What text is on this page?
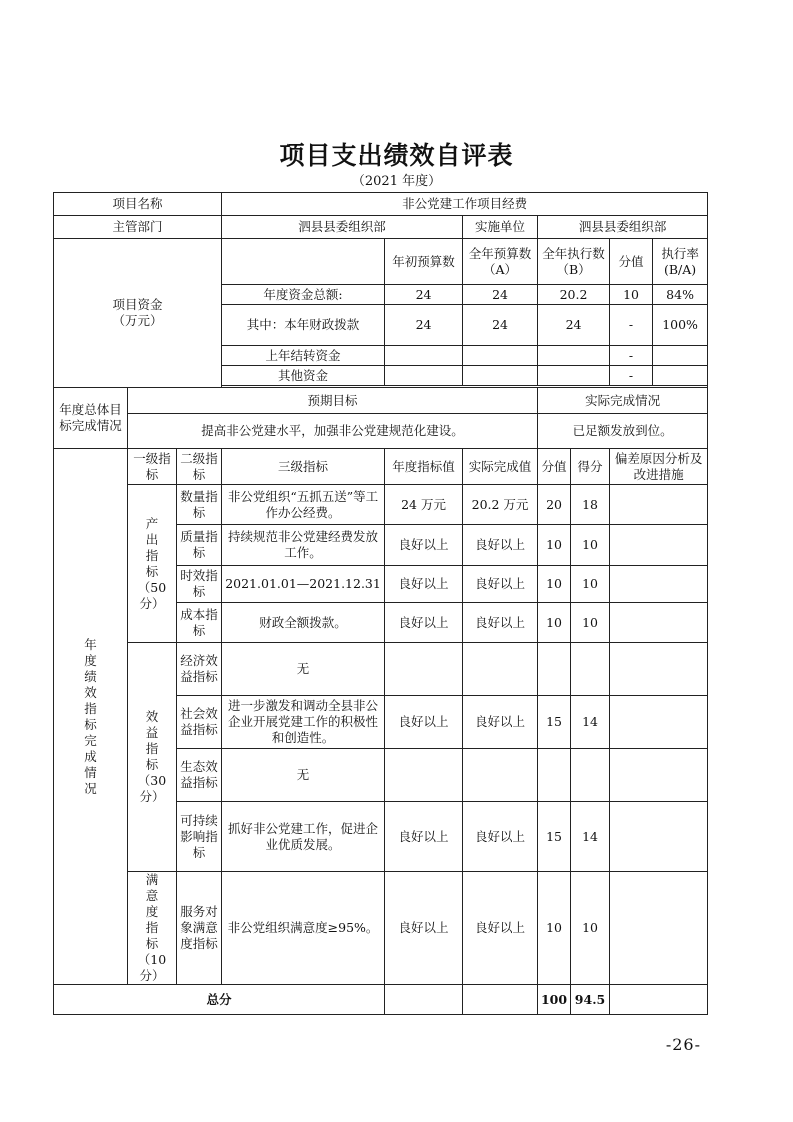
项目支出绩效自评表
（2021 年度）
项目名称			非公党建工作项目经费							
主管部门			泗县县委组织部		实施单位	泗县县委组织部				

项目资金
（万元）				年初预算数	全年预算数（A）	全年执行数（B）		分值	执行率(B/A)	
			年度资金总额:	24	24	20.2		10	84%	
			其中：本年财政拨款	24	24	24		-	100%	
			上年结转资金					-		
			其他资金					-		

年度总体目标完成情况	预期目标					实际完成情况				
	提高非公党建水平，加强非公党建规范化建设。					已足额发放到位。				

年度绩效指标完成情况	一级指标	二级指标	三级指标	年度指标值	实际完成值	分值	得分	偏差原因分析及改进措施		

	产出指标
（50分）	数量指标	非公党组织“五抓五送”等工作办公经费。	24 万元	20.2 万元	20	18			
		质量指标	持续规范非公党建经费发放工作。	良好以上	良好以上	10	10			
		时效指标	2021.01.01—2021.12.31	良好以上	良好以上	10	10			
		成本指标	财政全额拨款。	良好以上	良好以上	10	10			

	效益指标
（30分）	经济效益指标	无							
		社会效益指标	进一步激发和调动全县非公企业开展党建工作的积极性和创造性。	良好以上	良好以上	15	14			
		生态效益指标	无							
		可持续影响指标	抓好非公党建工作，促进企业优质发展。	良好以上	良好以上	15	14			

	满意度指标
（10分）	服务对象满意度指标	非公党组织满意度≥95%。	良好以上	良好以上	10	10			
总分						100	94.5			
-26-
